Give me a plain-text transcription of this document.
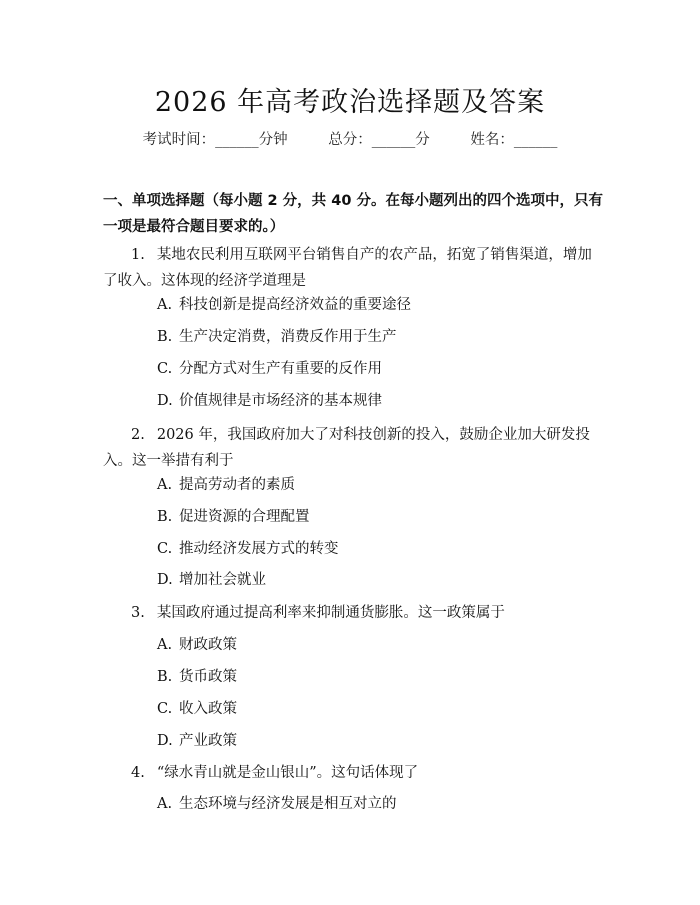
2026 年高考政治选择题及答案
考试时间：______分钟	总分：______分	姓名：______
一、单项选择题（每小题 2 分，共 40 分。在每小题列出的四个选项中，只有一项是最符合题目要求的。）
1. 某地农民利用互联网平台销售自产的农产品，拓宽了销售渠道，增加了收入。这体现的经济学道理是
A. 科技创新是提高经济效益的重要途径
B. 生产决定消费，消费反作用于生产
C. 分配方式对生产有重要的反作用
D. 价值规律是市场经济的基本规律
2. 2026 年，我国政府加大了对科技创新的投入，鼓励企业加大研发投入。这一举措有利于
A. 提高劳动者的素质
B. 促进资源的合理配置
C. 推动经济发展方式的转变
D. 增加社会就业
3. 某国政府通过提高利率来抑制通货膨胀。这一政策属于
A. 财政政策
B. 货币政策
C. 收入政策
D. 产业政策
4. “绿水青山就是金山银山”。这句话体现了
A. 生态环境与经济发展是相互对立的
